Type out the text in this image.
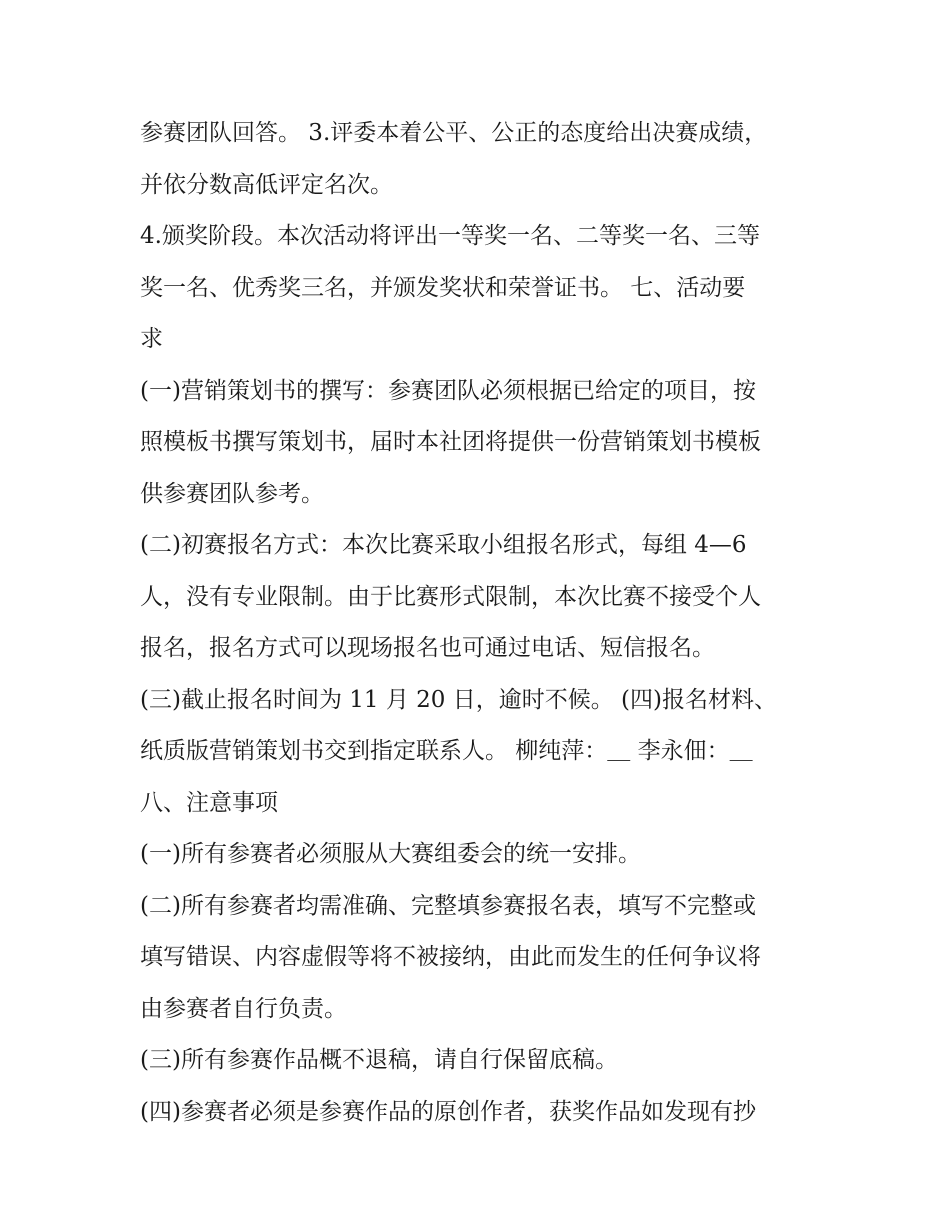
参赛团队回答。 3.评委本着公平、公正的态度给出决赛成绩，
并依分数高低评定名次。
4.颁奖阶段。本次活动将评出一等奖一名、二等奖一名、三等
奖一名、优秀奖三名，并颁发奖状和荣誉证书。 七、活动要
求
(一)营销策划书的撰写：参赛团队必须根据已给定的项目，按
照模板书撰写策划书，届时本社团将提供一份营销策划书模板
供参赛团队参考。
(二)初赛报名方式：本次比赛采取小组报名形式，每组 4—6
人，没有专业限制。由于比赛形式限制，本次比赛不接受个人
报名，报名方式可以现场报名也可通过电话、短信报名。
(三)截止报名时间为 11 月 20 日，逾时不候。 (四)报名材料、
纸质版营销策划书交到指定联系人。 柳纯萍：＿ 李永佃：＿
八、注意事项
(一)所有参赛者必须服从大赛组委会的统一安排。
(二)所有参赛者均需准确、完整填参赛报名表，填写不完整或
填写错误、内容虚假等将不被接纳，由此而发生的任何争议将
由参赛者自行负责。
(三)所有参赛作品概不退稿，请自行保留底稿。
(四)参赛者必须是参赛作品的原创作者，获奖作品如发现有抄
